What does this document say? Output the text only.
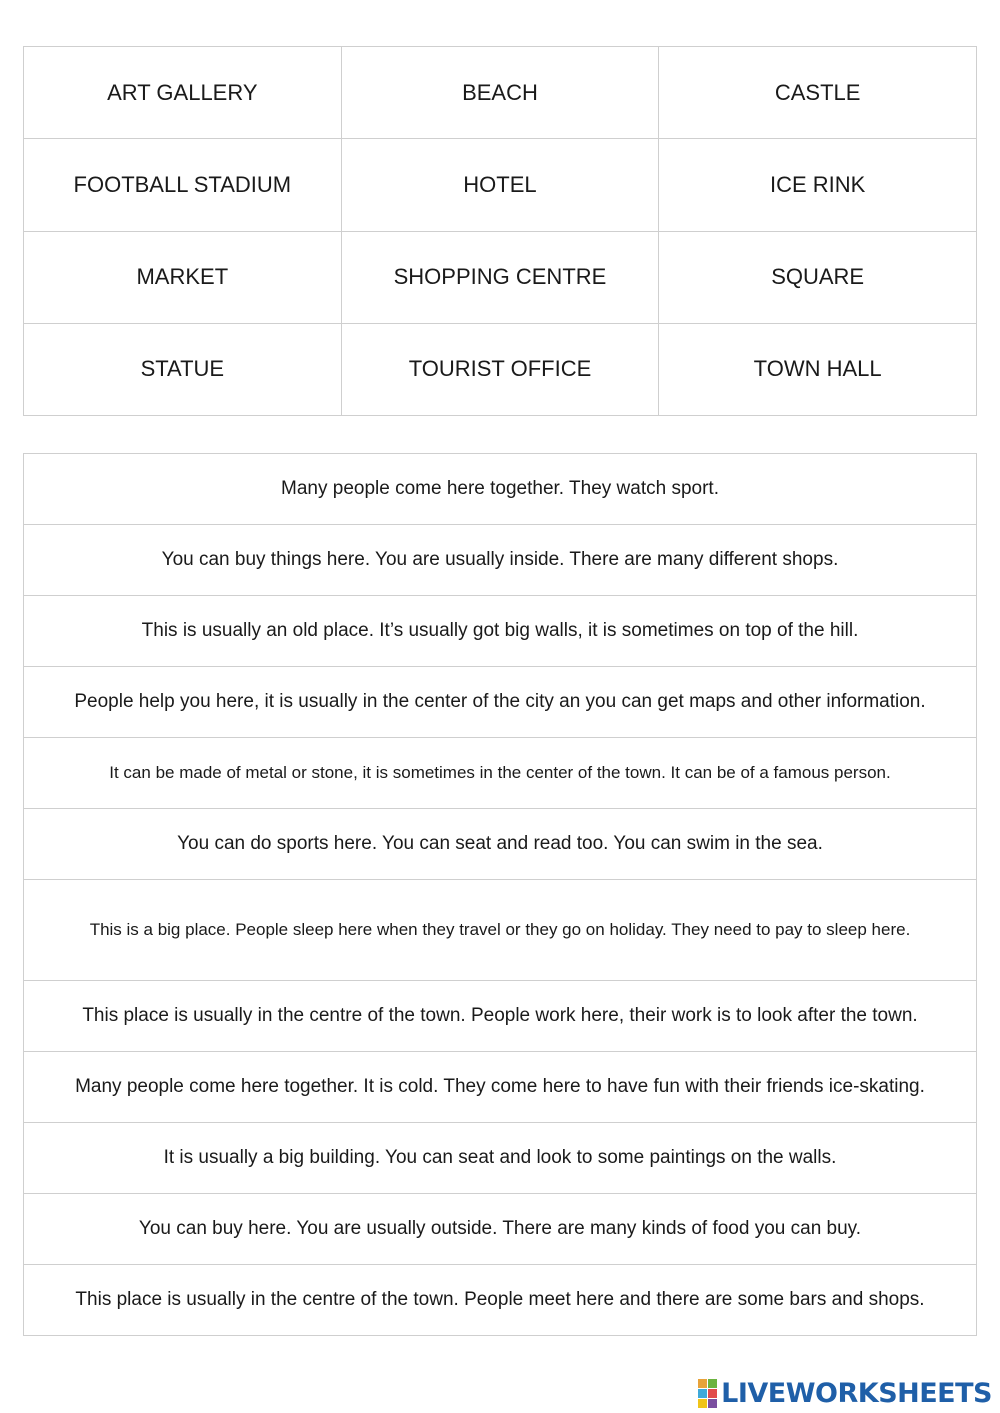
ART GALLERY	BEACH	CASTLE
FOOTBALL STADIUM	HOTEL	ICE RINK
MARKET	SHOPPING CENTRE	SQUARE
STATUE	TOURIST OFFICE	TOWN HALL
Many people come here together. They watch sport.
You can buy things here. You are usually inside. There are many different shops.
This is usually an old place. It’s usually got big walls, it is sometimes on top of the hill.
People help you here, it is usually in the center of the city an you can get maps and other information.
It can be made of metal or stone, it is sometimes in the center of the town. It can be of a famous person.
You can do sports here. You can seat and read too. You can swim in the sea.
This is a big place. People sleep here when they travel or they go on holiday. They need to pay to sleep here.
This place is usually in the centre of the town. People work here, their work is to look after the town.
Many people come here together. It is cold. They come here to have fun with their friends ice-skating.
It is usually a big building. You can seat and look to some paintings on the walls.
You can buy here. You are usually outside. There are many kinds of food you can buy.
This place is usually in the centre of the town. People meet here and there are some bars and shops.
LIVEWORKSHEETS
